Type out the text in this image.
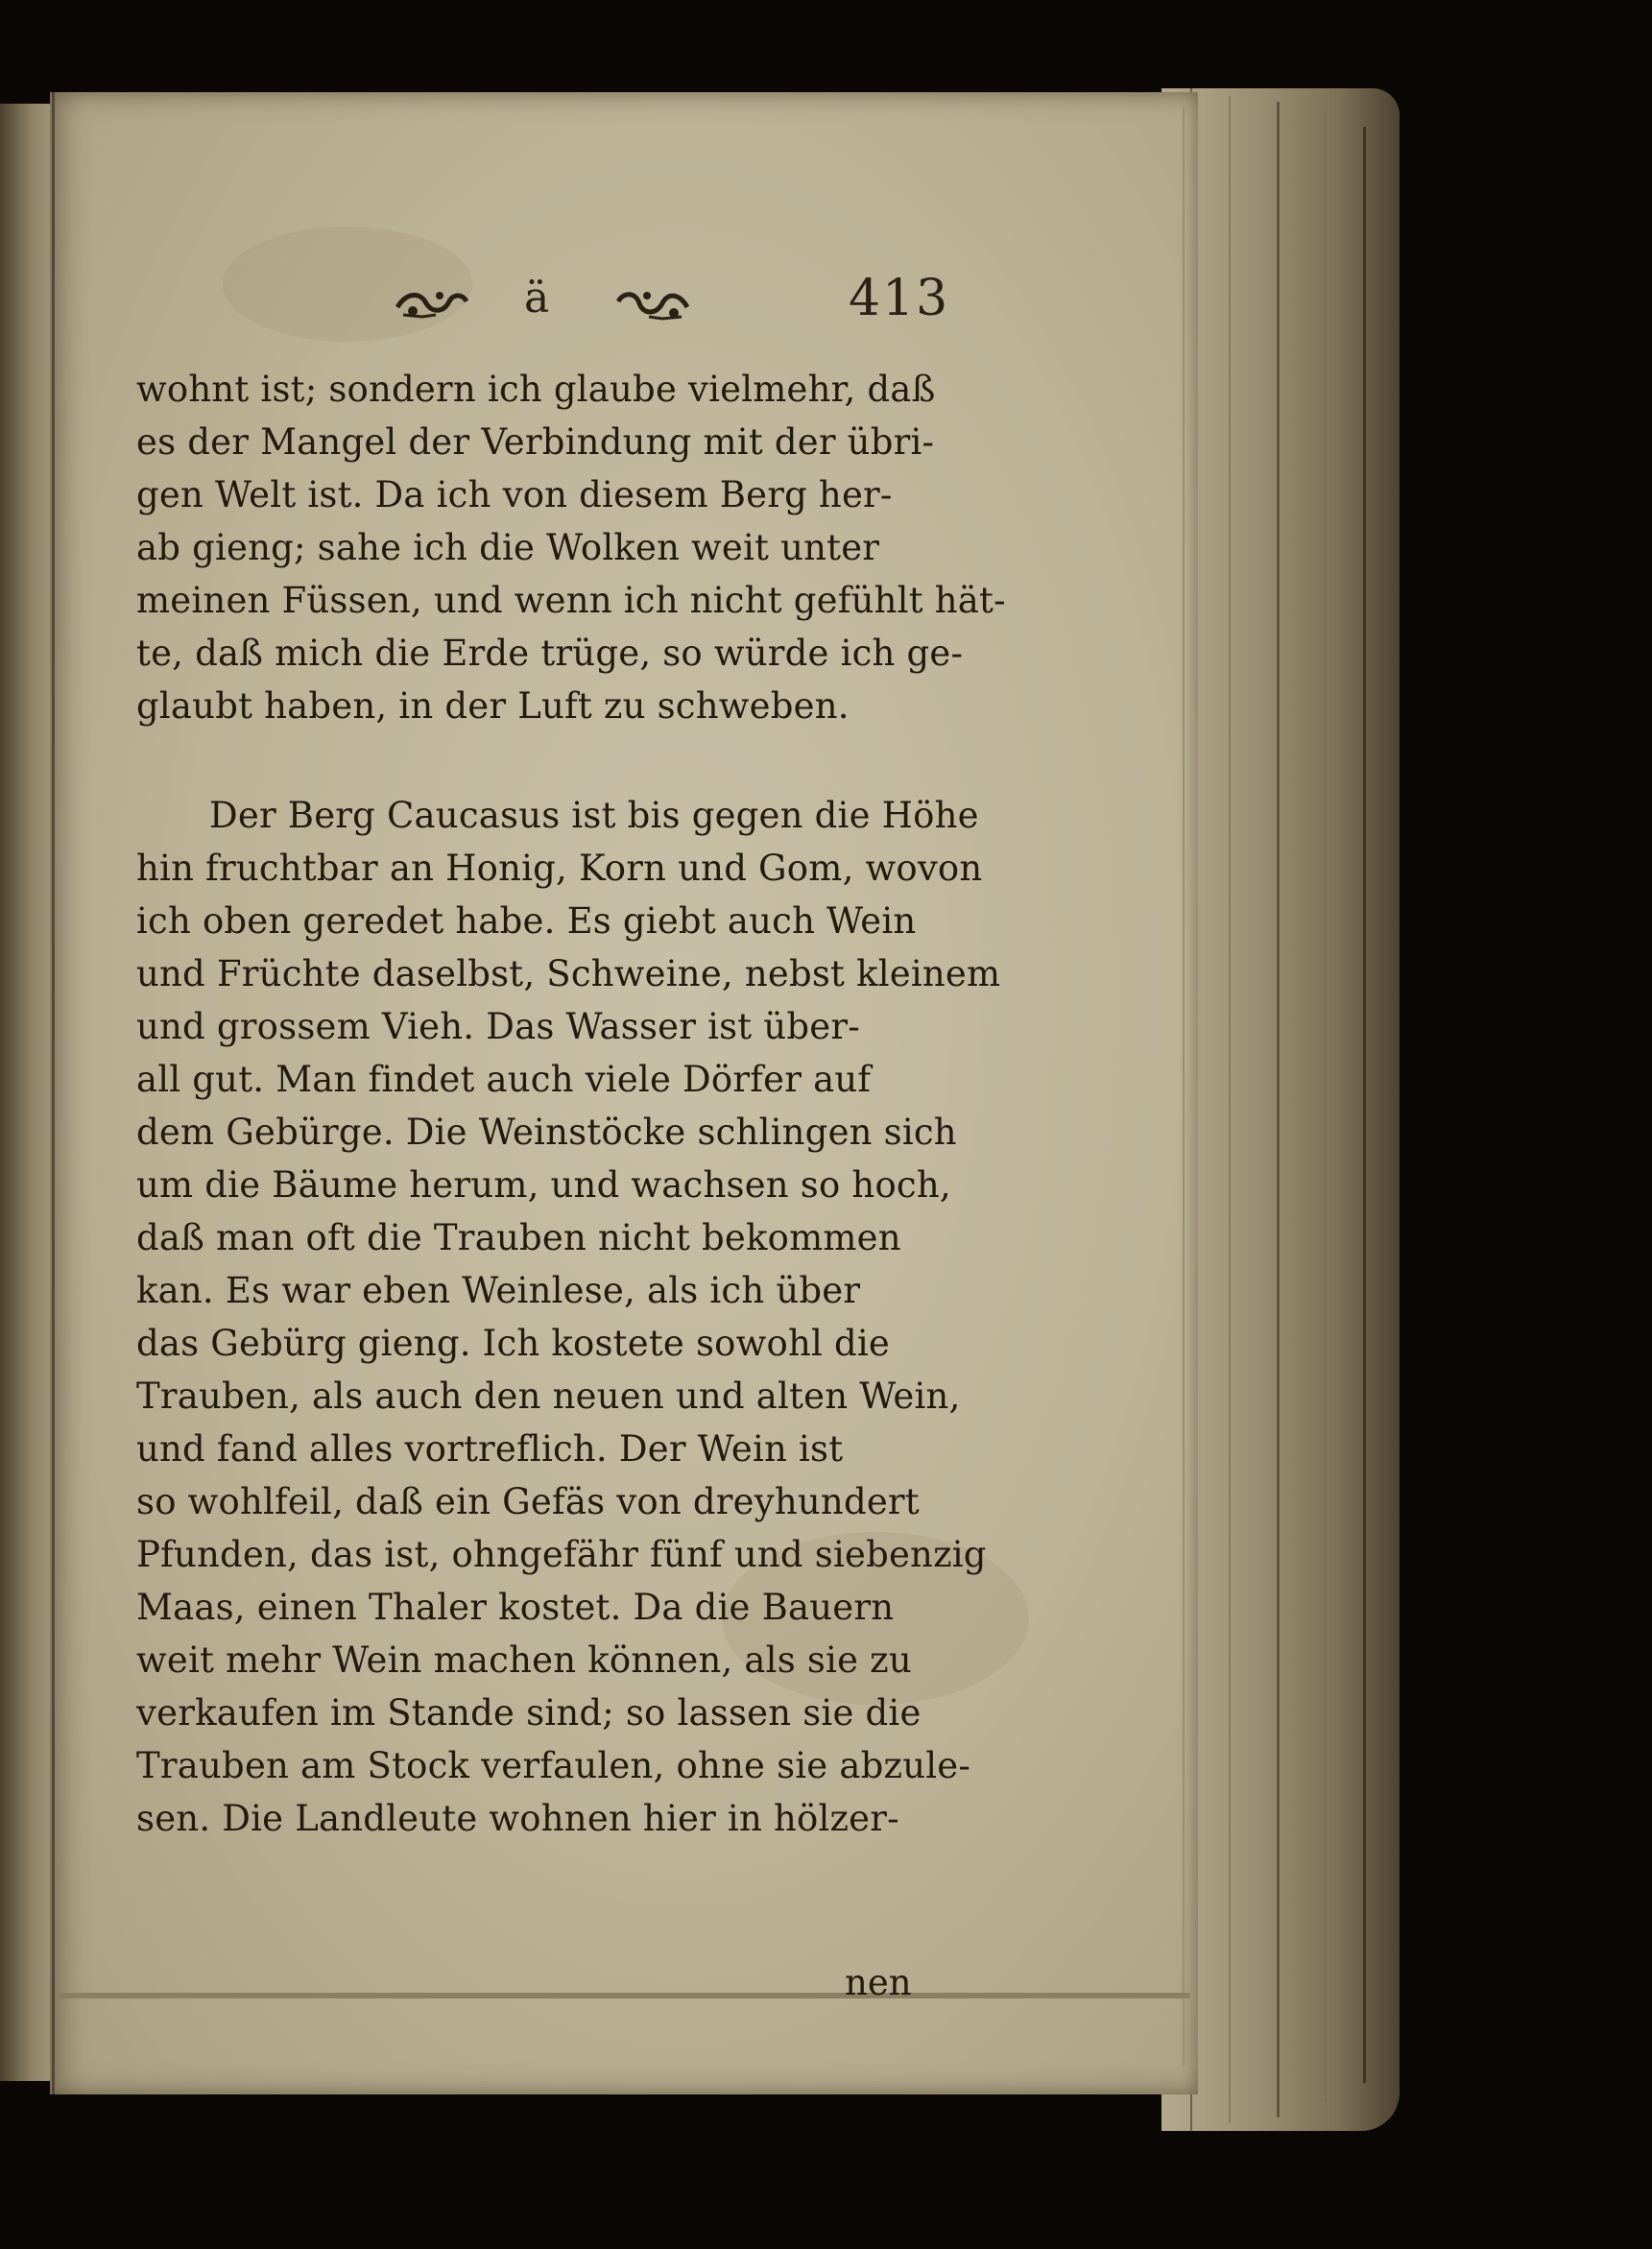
ä	413
wohnt ist; sondern ich glaube vielmehr, daß
es der Mangel der Verbindung mit der übri-
gen Welt ist. Da ich von diesem Berg her-
ab gieng; sahe ich die Wolken weit unter
meinen Füssen, und wenn ich nicht gefühlt hät-
te, daß mich die Erde trüge, so würde ich ge-
glaubt haben, in der Luft zu schweben.
Der Berg Caucasus ist bis gegen die Höhe
hin fruchtbar an Honig, Korn und Gom, wovon
ich oben geredet habe. Es giebt auch Wein
und Früchte daselbst, Schweine, nebst kleinem
und grossem Vieh. Das Wasser ist über-
all gut. Man findet auch viele Dörfer auf
dem Gebürge. Die Weinstöcke schlingen sich
um die Bäume herum, und wachsen so hoch,
daß man oft die Trauben nicht bekommen
kan. Es war eben Weinlese, als ich über
das Gebürg gieng. Ich kostete sowohl die
Trauben, als auch den neuen und alten Wein,
und fand alles vortreflich. Der Wein ist
so wohlfeil, daß ein Gefäs von dreyhundert
Pfunden, das ist, ohngefähr fünf und siebenzig
Maas, einen Thaler kostet. Da die Bauern
weit mehr Wein machen können, als sie zu
verkaufen im Stande sind; so lassen sie die
Trauben am Stock verfaulen, ohne sie abzule-
sen. Die Landleute wohnen hier in hölzer-
nen
